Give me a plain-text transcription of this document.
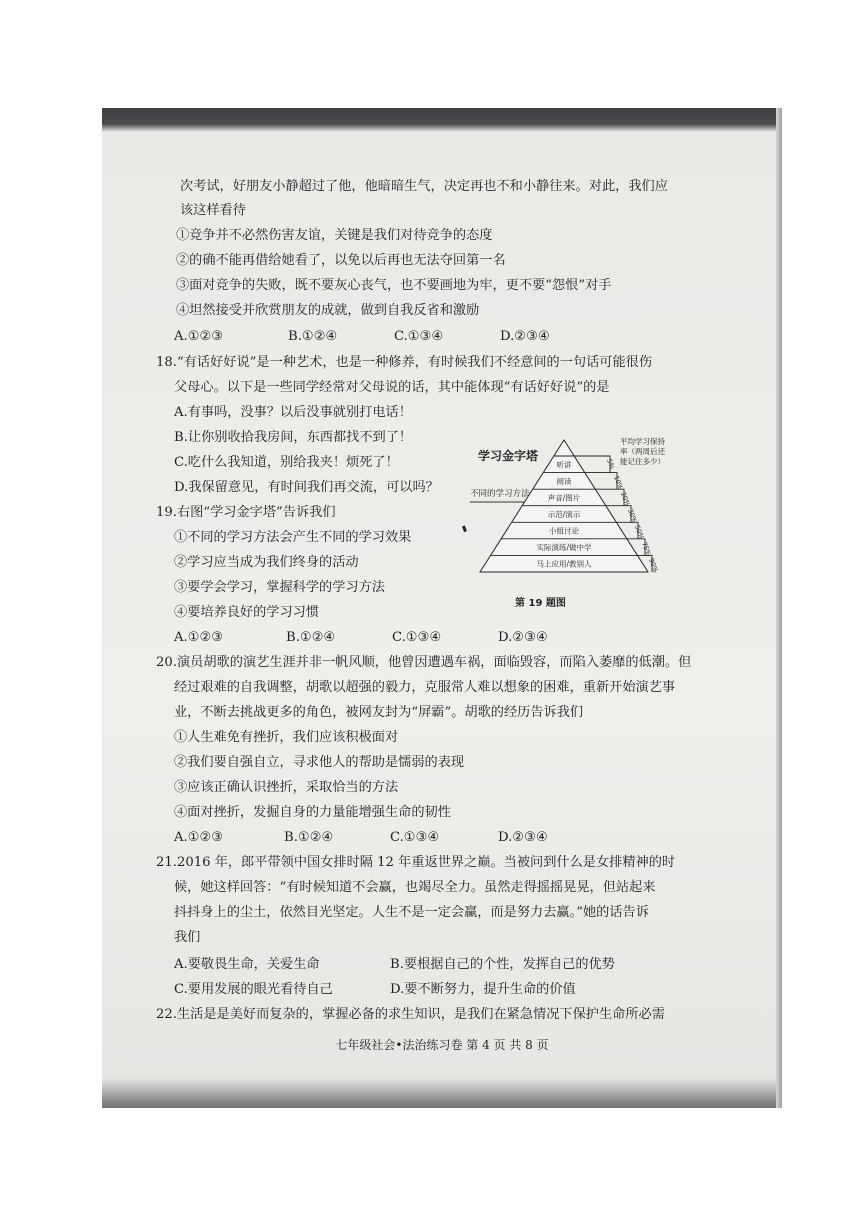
次考试，好朋友小静超过了他，他暗暗生气，决定再也不和小静往来。对此，我们应
该这样看待
①竞争并不必然伤害友谊，关键是我们对待竞争的态度
②的确不能再借给她看了，以免以后再也无法夺回第一名
③面对竞争的失败，既不要灰心丧气，也不要画地为牢，更不要“怨恨”对手
④坦然接受并欣赏朋友的成就，做到自我反省和激励
A.①②③	B.①②④	C.①③④	D.②③④
18.“有话好好说”是一种艺术，也是一种修养，有时候我们不经意间的一句话可能很伤
父母心。以下是一些同学经常对父母说的话，其中能体现“有话好好说”的是
A.有事吗，没事？以后没事就别打电话！
B.让你别收拾我房间，东西都找不到了！
C.吃什么我知道，别给我夹！烦死了！
D.我保留意见，有时间我们再交流，可以吗？
19.右图“学习金字塔”告诉我们
①不同的学习方法会产生不同的学习效果
②学习应当成为我们终身的活动
③要学会学习，掌握科学的学习方法
④要培养良好的学习习惯
A.①②③	B.①②④	C.①③④	D.②③④
学习金字塔
不同的学习方法
平均学习保持
率（两周后还
能记住多少）
听讲
阅读
声音/图片
示范/演示
小组讨论
实际演练/做中学
马上应用/教别人
5%
10%
20%
30%
50%
75%
90%
第 19 题图
20.演员胡歌的演艺生涯并非一帆风顺，他曾因遭遇车祸，面临毁容，而陷入萎靡的低潮。但
经过艰难的自我调整，胡歌以超强的毅力，克服常人难以想象的困难，重新开始演艺事
业，不断去挑战更多的角色，被网友封为“屏霸”。胡歌的经历告诉我们
①人生难免有挫折，我们应该积极面对
②我们要自强自立，寻求他人的帮助是懦弱的表现
③应该正确认识挫折，采取恰当的方法
④面对挫折，发掘自身的力量能增强生命的韧性
A.①②③	B.①②④	C.①③④	D.②③④
21.2016 年，郎平带领中国女排时隔 12 年重返世界之巅。当被问到什么是女排精神的时
候，她这样回答：“有时候知道不会赢，也竭尽全力。虽然走得摇摇晃晃，但站起来
抖抖身上的尘土，依然目光坚定。人生不是一定会赢，而是努力去赢。”她的话告诉
我们
A.要敬畏生命，关爱生命	B.要根据自己的个性，发挥自己的优势
C.要用发展的眼光看待自己	D.要不断努力，提升生命的价值
22.生活是是美好而复杂的，掌握必备的求生知识，是我们在紧急情况下保护生命所必需
七年级社会•法治练习卷 第 4 页 共 8 页
